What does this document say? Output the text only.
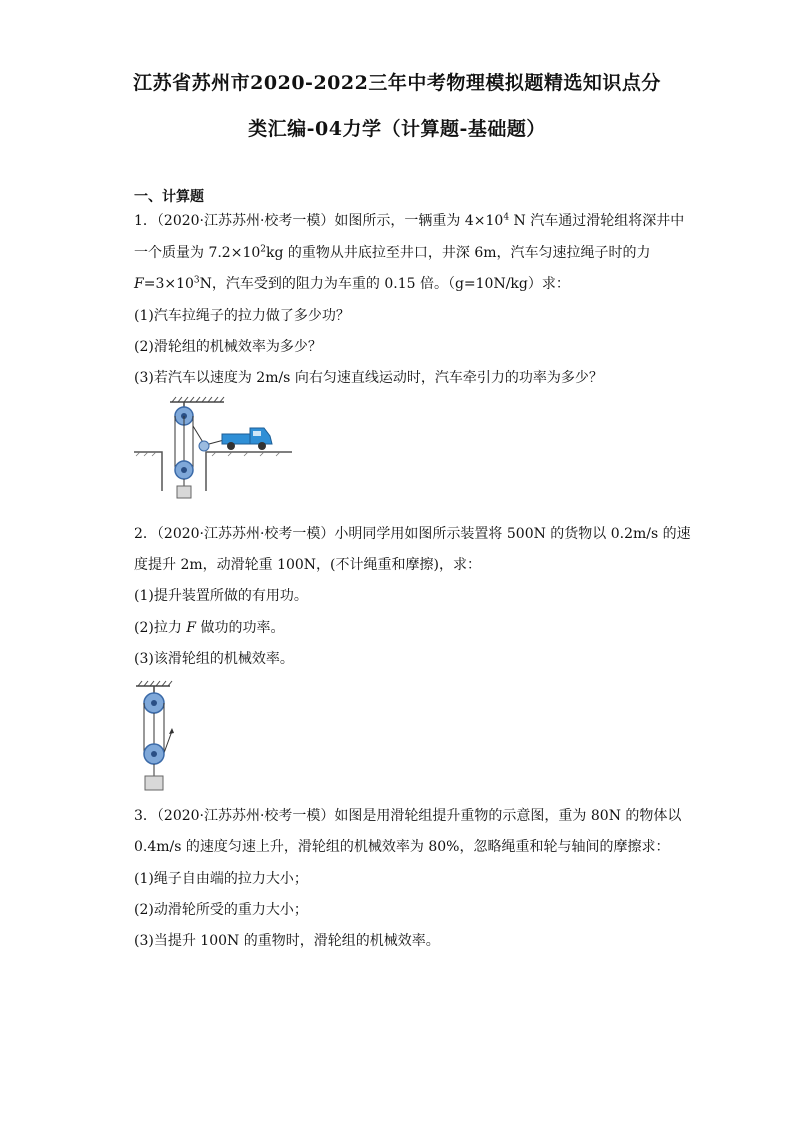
江苏省苏州市2020-2022三年中考物理模拟题精选知识点分
类汇编-04力学（计算题-基础题）
一、计算题
1．（2020·江苏苏州·校考一模）如图所示，一辆重为 $4\times 10^4$ N 汽车通过滑轮组将深井中
一个质量为 $7.2\times 10^2kg$ 的重物从井底拉至井口，井深 6m，汽车匀速拉绳子时的力
$F=3\times 10^3N$，汽车受到的阻力为车重的 0.15 倍。（g=10N/kg）求：
(1)汽车拉绳子的拉力做了多少功？
(2)滑轮组的机械效率为多少？
(3)若汽车以速度为 2m/s 向右匀速直线运动时，汽车牵引力的功率为多少？
2．（2020·江苏苏州·校考一模）小明同学用如图所示装置将 500N 的货物以 0.2m/s 的速
度提升 2m，动滑轮重 100N，(不计绳重和摩擦)，求：
(1)提升装置所做的有用功。
(2)拉力 F 做功的功率。
(3)该滑轮组的机械效率。
3．（2020·江苏苏州·校考一模）如图是用滑轮组提升重物的示意图，重为 80N 的物体以
0.4m/s 的速度匀速上升，滑轮组的机械效率为 80%，忽略绳重和轮与轴间的摩擦求：
(1)绳子自由端的拉力大小；
(2)动滑轮所受的重力大小；
(3)当提升 100N 的重物时，滑轮组的机械效率。
